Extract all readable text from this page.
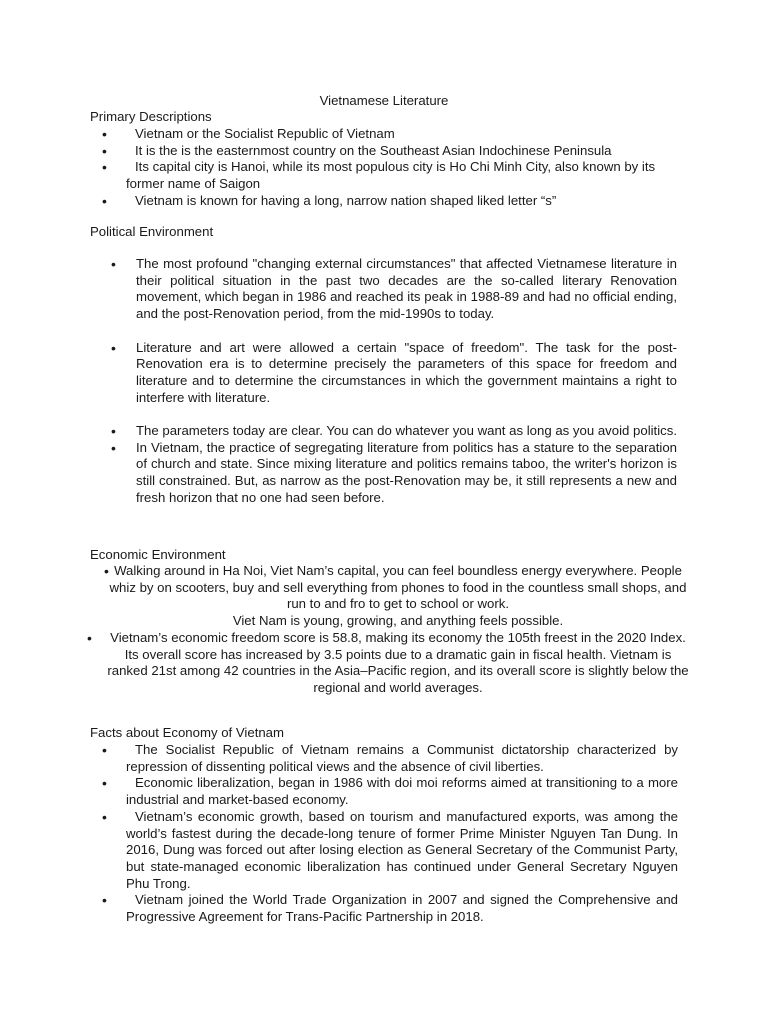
Vietnamese Literature
Primary Descriptions
• Vietnam or the Socialist Republic of Vietnam
• It is the is the easternmost country on the Southeast Asian Indochinese Peninsula
• Its capital city is Hanoi, while its most populous city is Ho Chi Minh City, also known by its former name of Saigon
• Vietnam is known for having a long, narrow nation shaped liked letter “s”
Political Environment
• The most profound "changing external circumstances" that affected Vietnamese literature in their political situation in the past two decades are the so-called literary Renovation movement, which began in 1986 and reached its peak in 1988-89 and had no official ending, and the post-Renovation period, from the mid-1990s to today.
• Literature and art were allowed a certain "space of freedom". The task for the post-Renovation era is to determine precisely the parameters of this space for freedom and literature and to determine the circumstances in which the government maintains a right to interfere with literature.
• The parameters today are clear. You can do whatever you want as long as you avoid politics.
• In Vietnam, the practice of segregating literature from politics has a stature to the separation of church and state. Since mixing literature and politics remains taboo, the writer's horizon is still constrained. But, as narrow as the post-Renovation may be, it still represents a new and fresh horizon that no one had seen before.
Economic Environment
• Walking around in Ha Noi, Viet Nam’s capital, you can feel boundless energy everywhere. People whiz by on scooters, buy and sell everything from phones to food in the countless small shops, and run to and fro to get to school or work.
Viet Nam is young, growing, and anything feels possible.
• Vietnam’s economic freedom score is 58.8, making its economy the 105th freest in the 2020 Index. Its overall score has increased by 3.5 points due to a dramatic gain in fiscal health. Vietnam is ranked 21st among 42 countries in the Asia–Pacific region, and its overall score is slightly below the regional and world averages.
Facts about Economy of Vietnam
• The Socialist Republic of Vietnam remains a Communist dictatorship characterized by repression of dissenting political views and the absence of civil liberties.
• Economic liberalization, began in 1986 with doi moi reforms aimed at transitioning to a more industrial and market-based economy.
• Vietnam’s economic growth, based on tourism and manufactured exports, was among the world’s fastest during the decade-long tenure of former Prime Minister Nguyen Tan Dung. In 2016, Dung was forced out after losing election as General Secretary of the Communist Party, but state-managed economic liberalization has continued under General Secretary Nguyen Phu Trong.
• Vietnam joined the World Trade Organization in 2007 and signed the Comprehensive and Progressive Agreement for Trans-Pacific Partnership in 2018.
